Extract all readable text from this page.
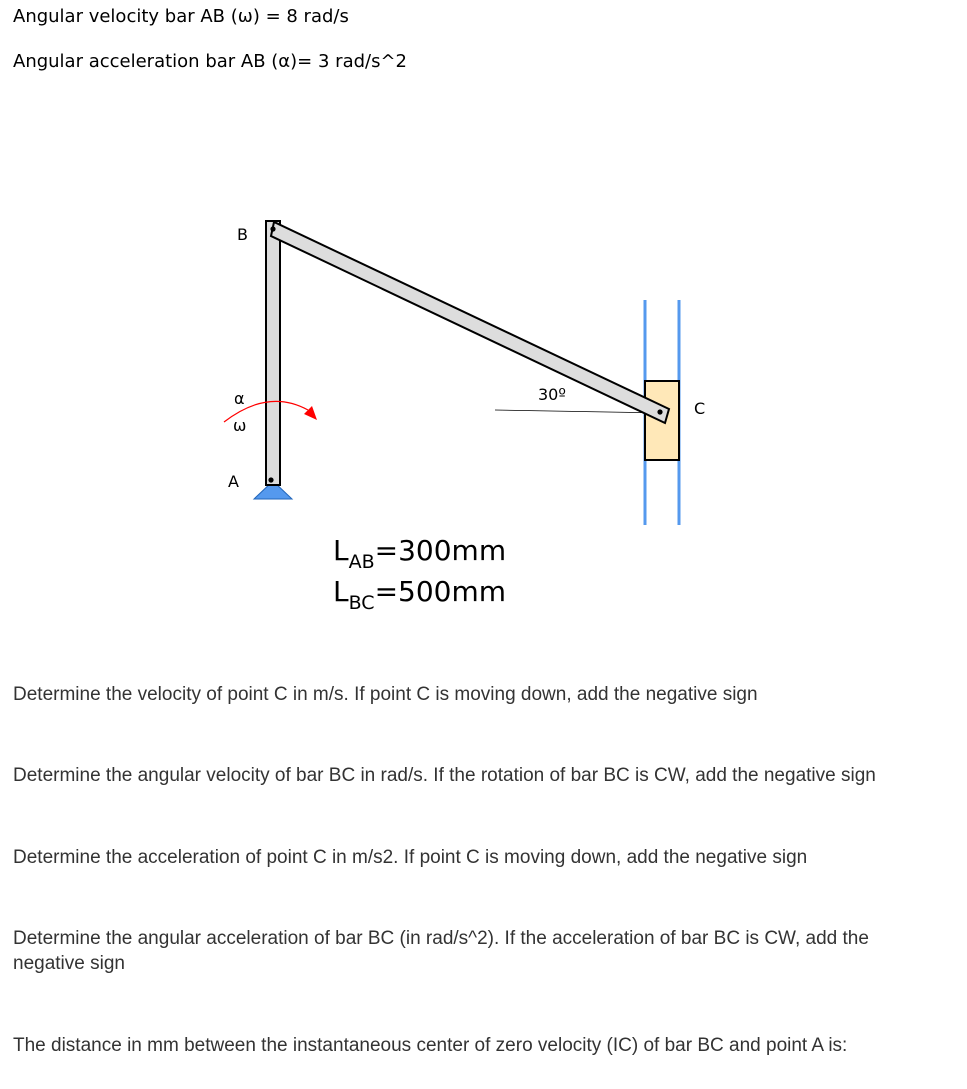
Angular velocity bar AB (ω) = 8 rad/s
Angular acceleration bar AB (α)= 3 rad/s^2
B
α
ω
A
30º
C
$L_{AB}=300mm$
$L_{BC}=500mm$
Determine the velocity of point C in m/s. If point C is moving down, add the negative sign
Determine the angular velocity of bar BC in rad/s. If the rotation of bar BC is CW, add the negative sign
Determine the acceleration of point C in m/s2. If point C is moving down, add the negative sign
Determine the angular acceleration of bar BC (in rad/s^2). If the acceleration of bar BC is CW, add the negative sign
The distance in mm between the instantaneous center of zero velocity (IC) of bar BC and point A is:
